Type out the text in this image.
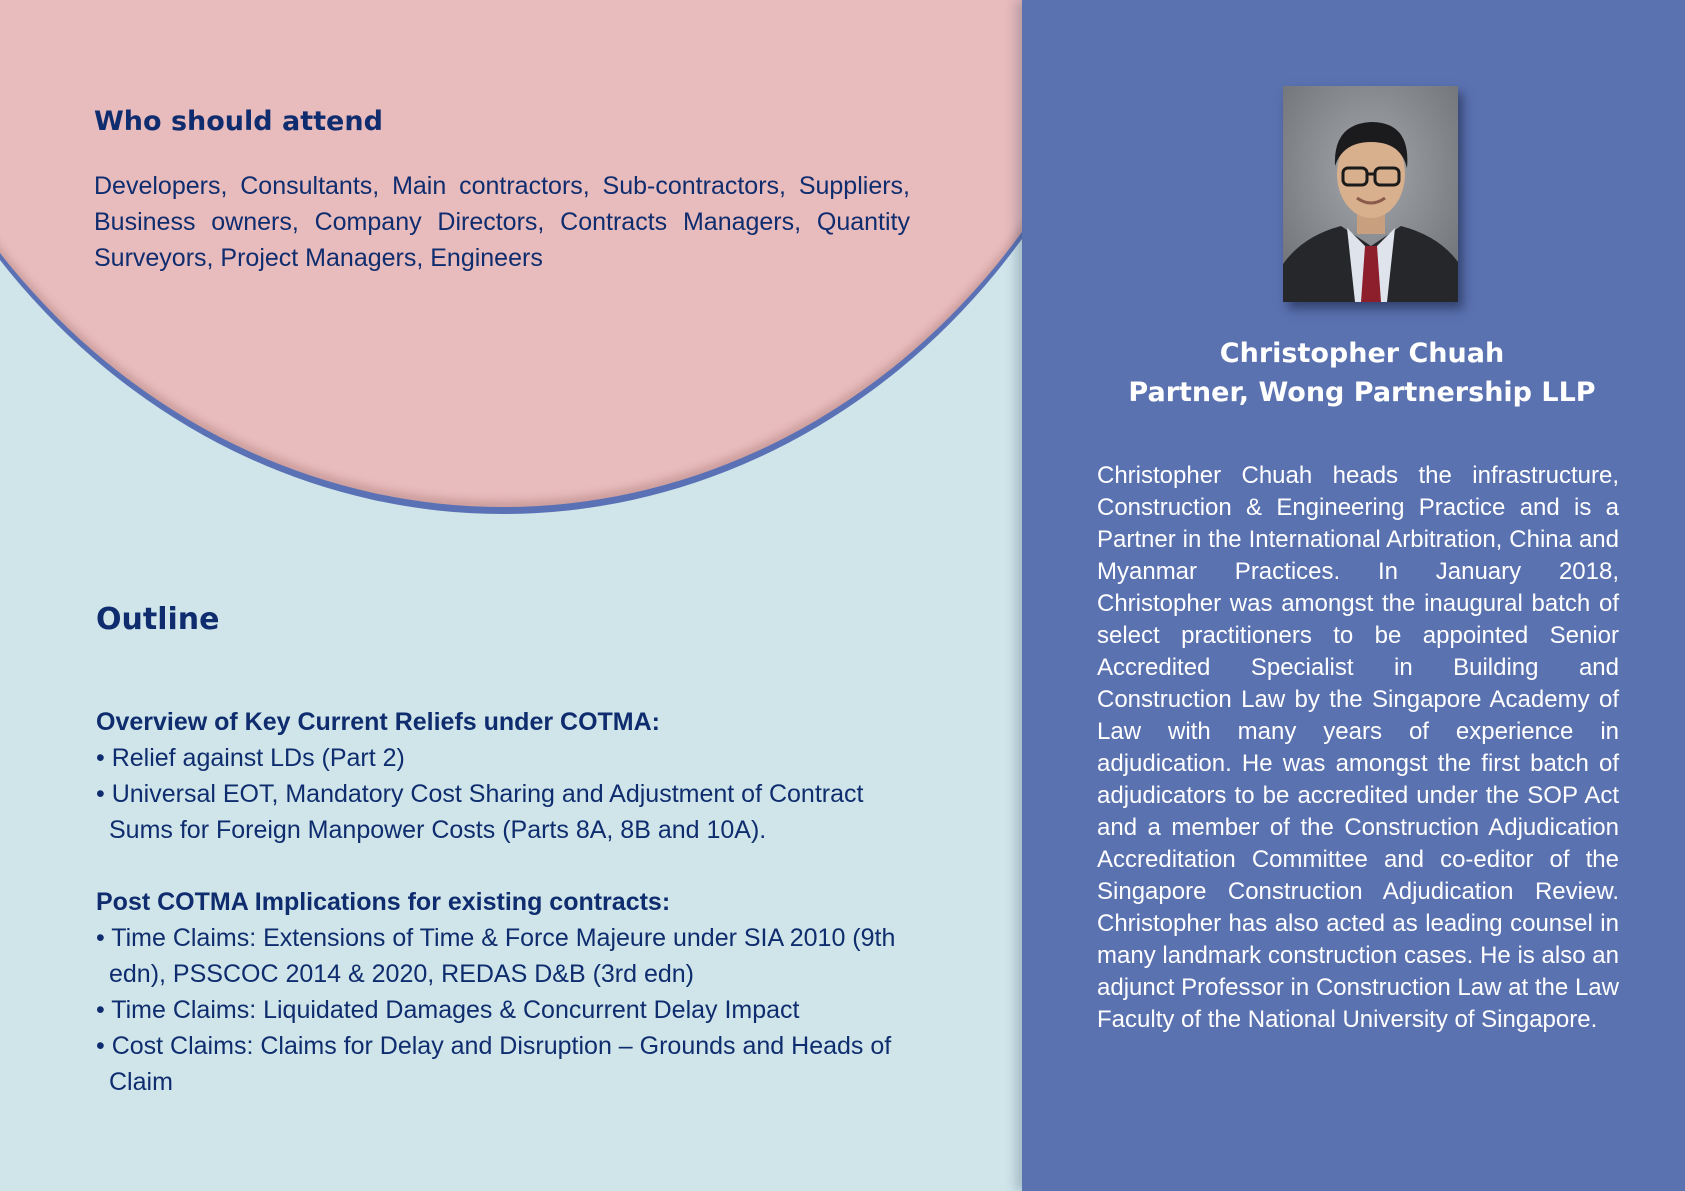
Who should attend

Developers, Consultants, Main contractors, Sub-contractors, Suppliers, Business owners, Company Directors, Contracts Managers, Quantity Surveyors, Project Managers, Engineers

Outline

Overview of Key Current Reliefs under COTMA:

• Relief against LDs (Part 2)
• Universal EOT, Mandatory Cost Sharing and Adjustment of Contract Sums for Foreign Manpower Costs (Parts 8A, 8B and 10A).

Post COTMA Implications for existing contracts:

• Time Claims: Extensions of Time & Force Majeure under SIA 2010 (9th edn), PSSCOC 2014 & 2020, REDAS D&B (3rd edn)
• Time Claims: Liquidated Damages & Concurrent Delay Impact
• Cost Claims: Claims for Delay and Disruption – Grounds and Heads of Claim
Christopher Chuah
Partner, Wong Partnership LLP

Christopher Chuah heads the infrastructure, Construction & Engineering Practice and is a Partner in the International Arbitration, China and Myanmar Practices. In January 2018, Christopher was amongst the inaugural batch of select practitioners to be appointed Senior Accredited Specialist in Building and Construction Law by the Singapore Academy of Law with many years of experience in adjudication. He was amongst the first batch of adjudicators to be accredited under the SOP Act and a member of the Construction Adjudication Accreditation Committee and co-editor of the Singapore Construction Adjudication Review. Christopher has also acted as leading counsel in many landmark construction cases. He is also an adjunct Professor in Construction Law at the Law Faculty of the National University of Singapore.
